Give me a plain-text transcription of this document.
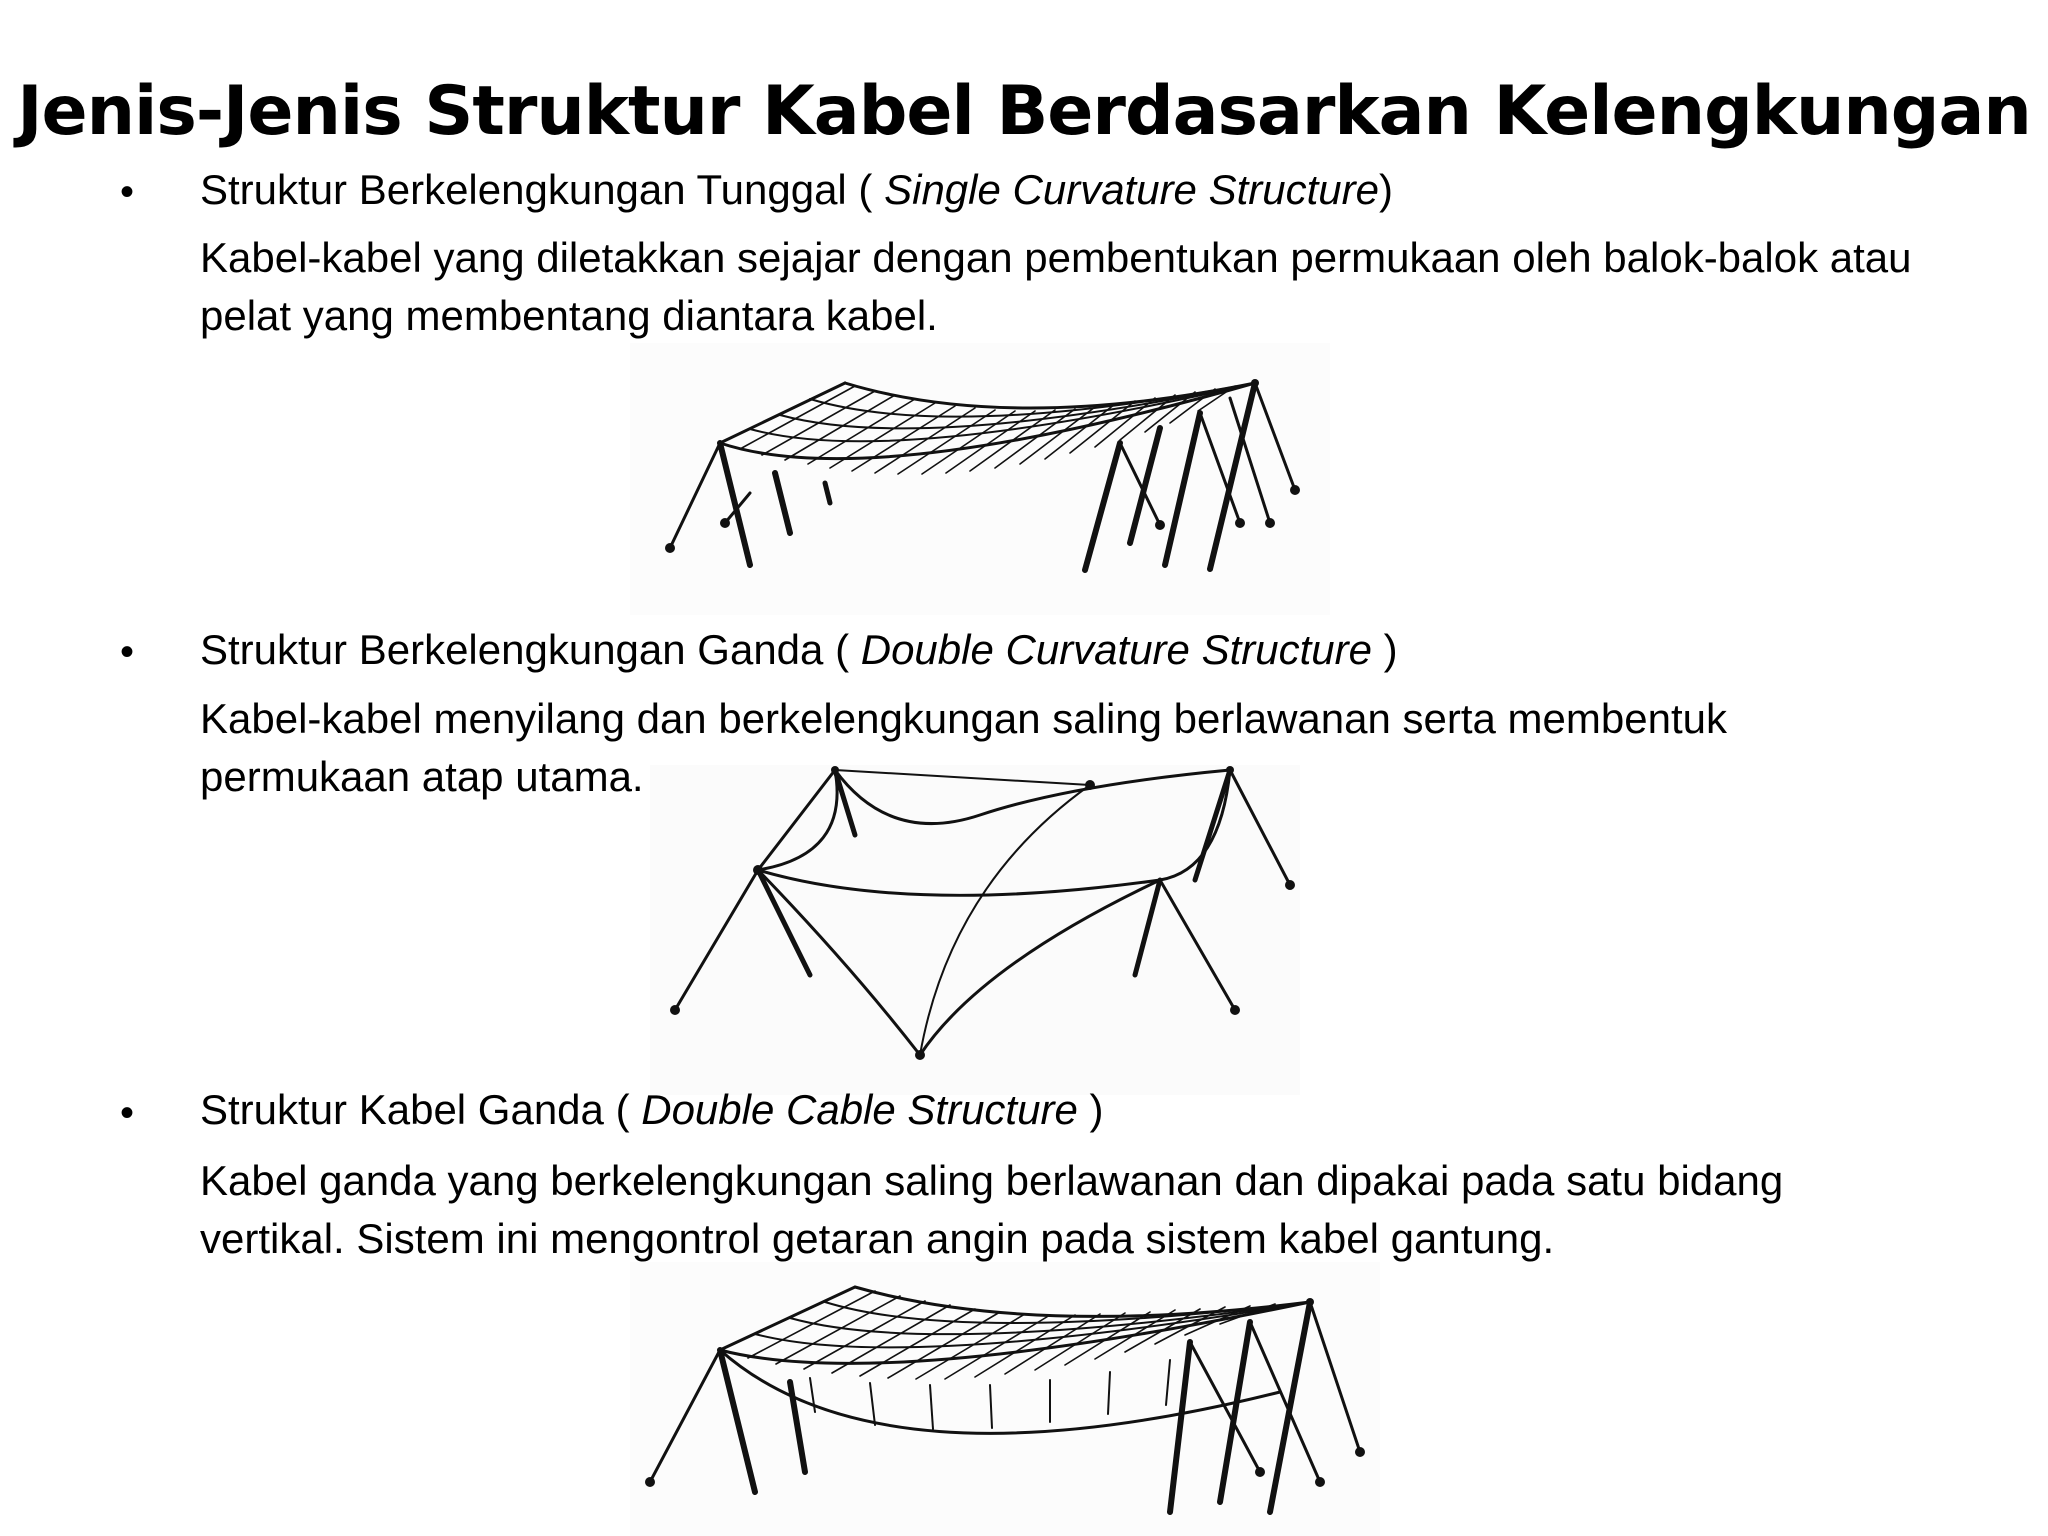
Jenis-Jenis Struktur Kabel Berdasarkan Kelengkungan
• Struktur Berkelengkungan Tunggal ( Single Curvature Structure)
Kabel-kabel yang diletakkan sejajar dengan pembentukan permukaan oleh balok-balok atau pelat yang membentang diantara kabel.
• Struktur Berkelengkungan Ganda ( Double Curvature Structure )
Kabel-kabel menyilang dan berkelengkungan saling berlawanan serta membentuk permukaan atap utama.
• Struktur Kabel Ganda ( Double Cable Structure )
Kabel ganda yang berkelengkungan saling berlawanan dan dipakai pada satu bidang vertikal. Sistem ini mengontrol getaran angin pada sistem kabel gantung.
